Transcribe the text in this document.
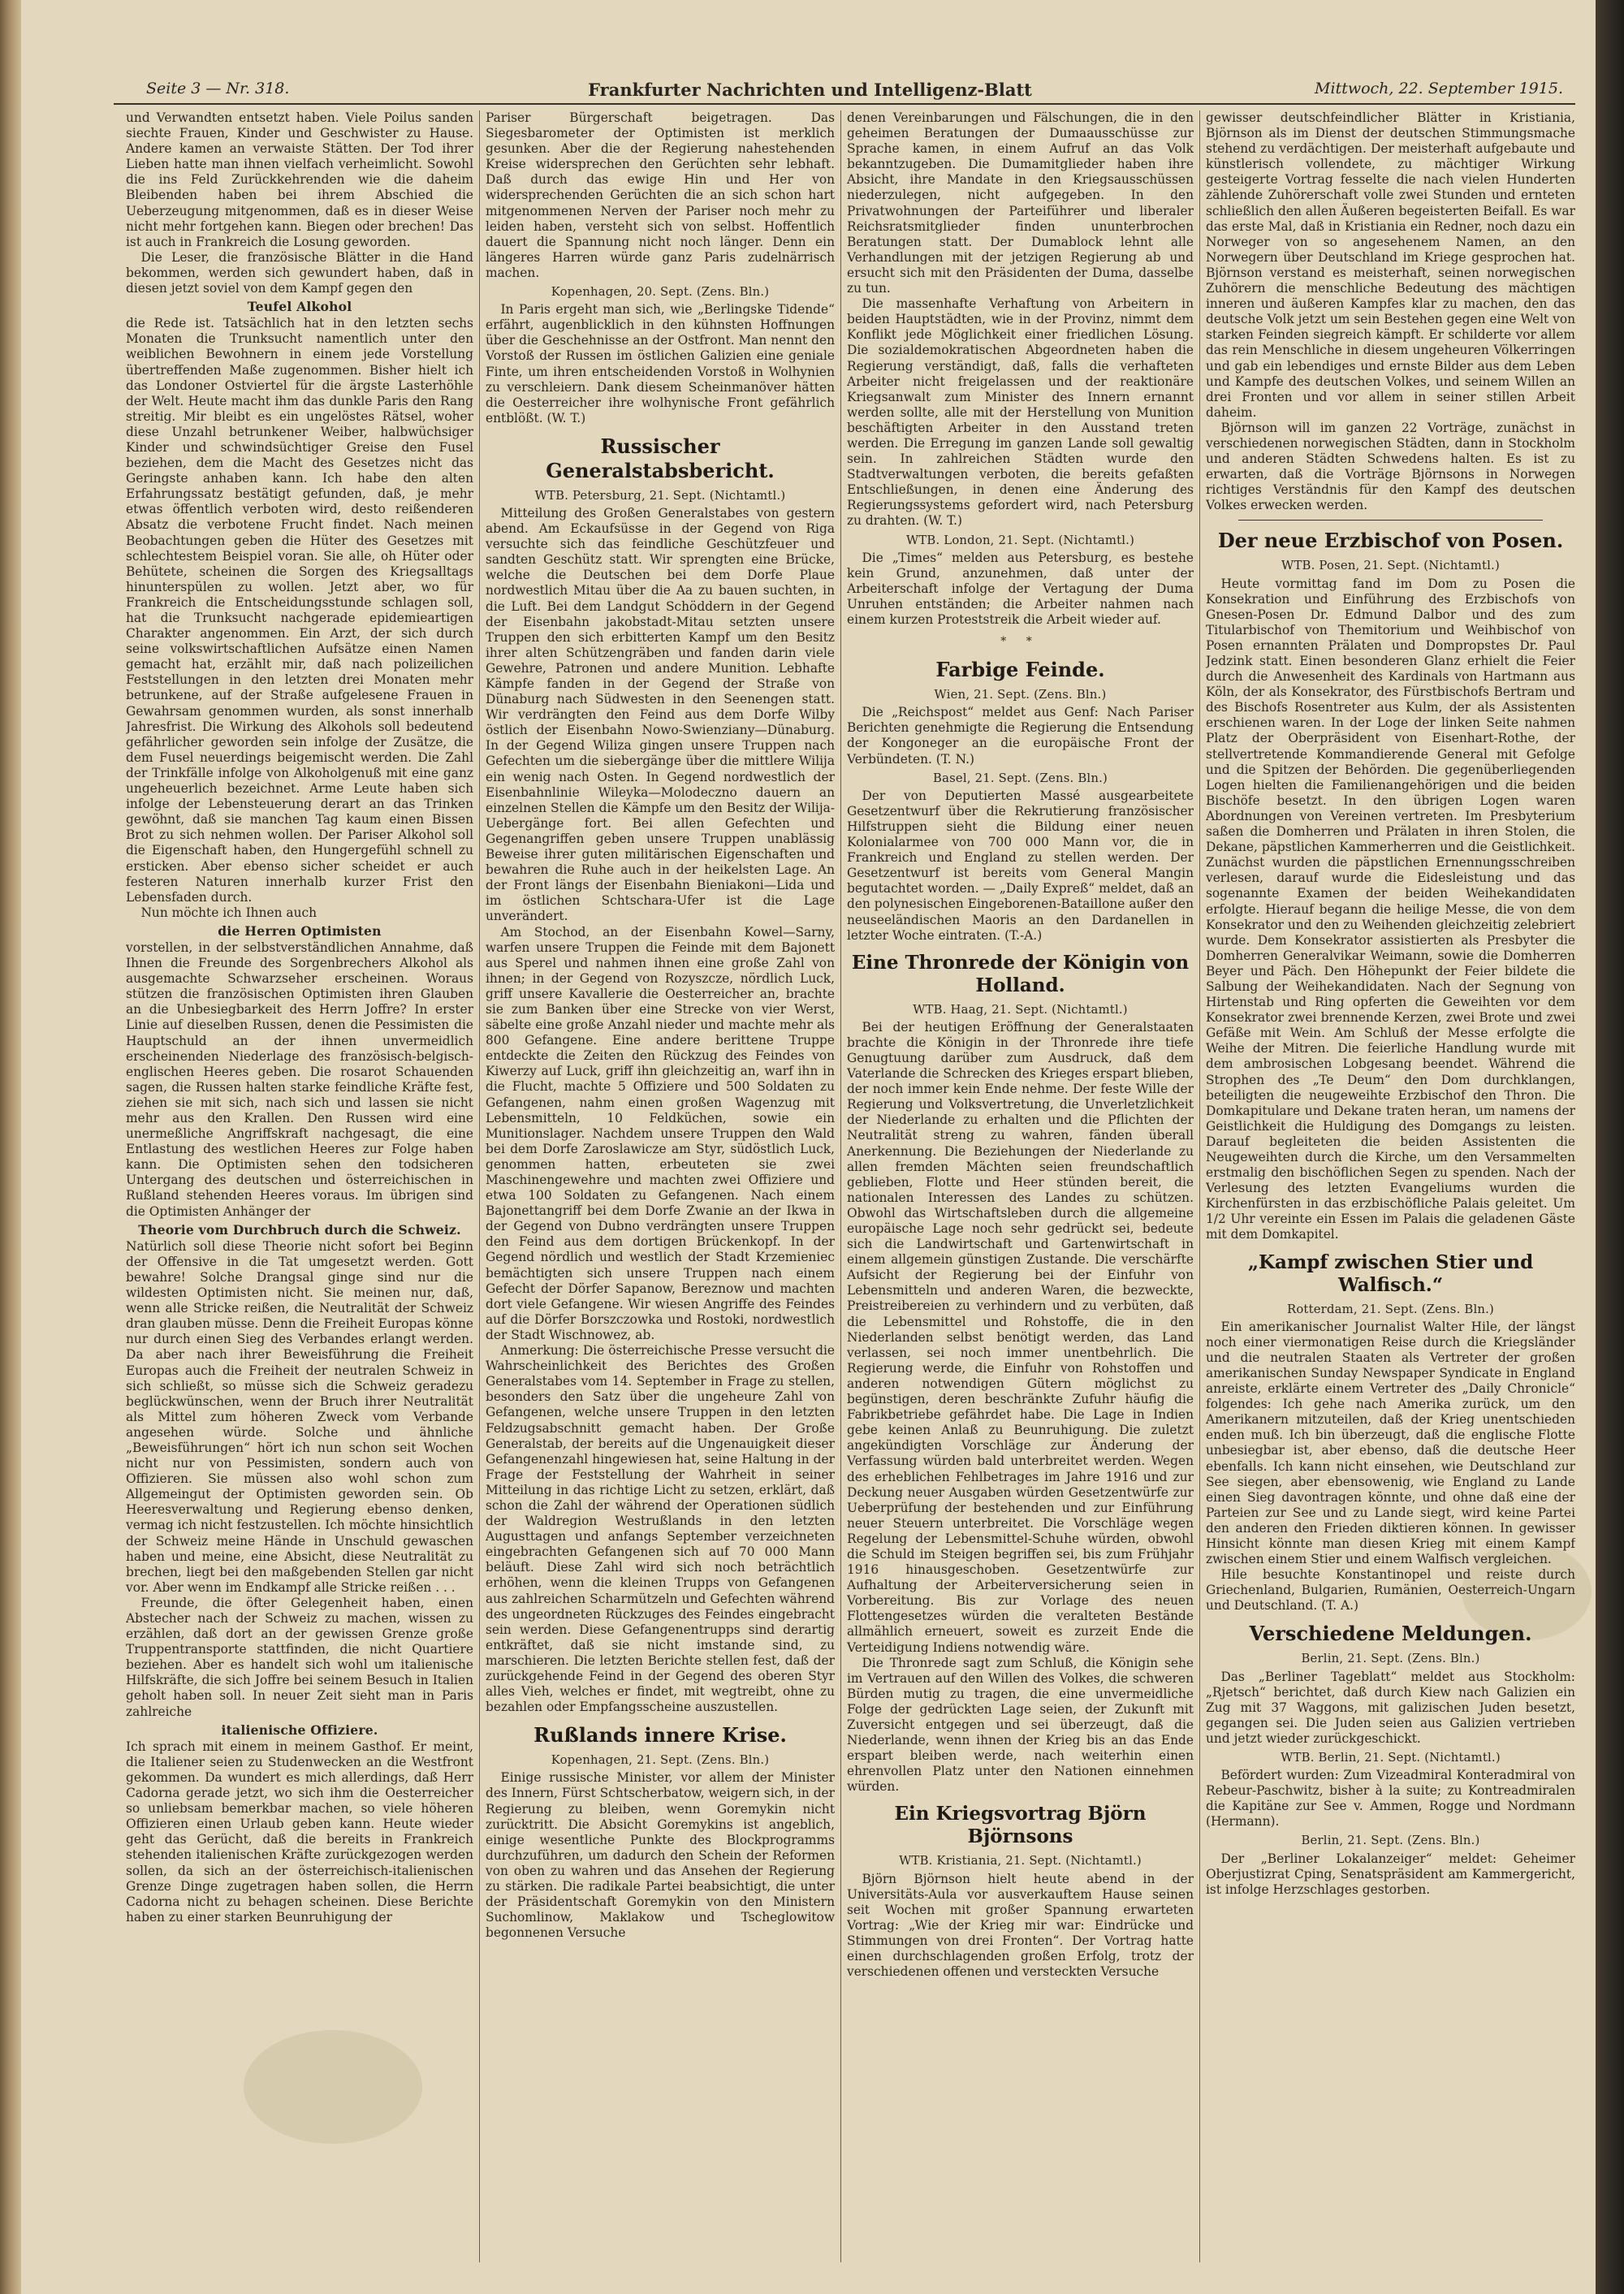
Seite 3 — Nr. 318.	Frankfurter Nachrichten und Intelligenz-Blatt	Mittwoch, 22. September 1915.

und Verwandten entsetzt haben. Viele Poilus sanden siechte Frauen, Kinder und Geschwister zu Hause. Andere kamen an verwaiste Stätten. Der Tod ihrer Lieben hatte man ihnen vielfach verheimlicht. Sowohl die ins Feld Zurückkehrenden wie die daheim Bleibenden haben bei ihrem Abschied die Ueberzeugung mitgenommen, daß es in dieser Weise nicht mehr fortgehen kann. Biegen oder brechen! Das ist auch in Frankreich die Losung geworden.

Die Leser, die französische Blätter in die Hand bekommen, werden sich gewundert haben, daß in diesen jetzt soviel von dem Kampf gegen den

Teufel Alkohol

die Rede ist. Tatsächlich hat in den letzten sechs Monaten die Trunksucht namentlich unter den weiblichen Bewohnern in einem jede Vorstellung übertreffenden Maße zugenommen. Bisher hielt ich das Londoner Ostviertel für die ärgste Lasterhöhle der Welt. Heute macht ihm das dunkle Paris den Rang streitig. Mir bleibt es ein ungelöstes Rätsel, woher diese Unzahl betrunkener Weiber, halbwüchsiger Kinder und schwindsüchtiger Greise den Fusel beziehen, dem die Macht des Gesetzes nicht das Geringste anhaben kann. Ich habe den alten Erfahrungssatz bestätigt gefunden, daß, je mehr etwas öffentlich verboten wird, desto reißenderen Absatz die verbotene Frucht findet. Nach meinen Beobachtungen geben die Hüter des Gesetzes mit schlechtestem Beispiel voran. Sie alle, oh Hüter oder Behütete, scheinen die Sorgen des Kriegsalltags hinunterspülen zu wollen. Jetzt aber, wo für Frankreich die Entscheidungsstunde schlagen soll, hat die Trunksucht nachgerade epidemieartigen Charakter angenommen. Ein Arzt, der sich durch seine volkswirtschaftlichen Aufsätze einen Namen gemacht hat, erzählt mir, daß nach polizeilichen Feststellungen in den letzten drei Monaten mehr betrunkene, auf der Straße aufgelesene Frauen in Gewahrsam genommen wurden, als sonst innerhalb Jahresfrist. Die Wirkung des Alkohols soll bedeutend gefährlicher geworden sein infolge der Zusätze, die dem Fusel neuerdings beigemischt werden. Die Zahl der Trinkfälle infolge von Alkoholgenuß mit eine ganz ungeheuerlich bezeichnet. Arme Leute haben sich infolge der Lebensteuerung derart an das Trinken gewöhnt, daß sie manchen Tag kaum einen Bissen Brot zu sich nehmen wollen. Der Pariser Alkohol soll die Eigenschaft haben, den Hungergefühl schnell zu ersticken. Aber ebenso sicher scheidet er auch festeren Naturen innerhalb kurzer Frist den Lebensfaden durch.

Nun möchte ich Ihnen auch

die Herren Optimisten

vorstellen, in der selbstverständlichen Annahme, daß Ihnen die Freunde des Sorgenbrechers Alkohol als ausgemachte Schwarzseher erscheinen. Woraus stützen die französischen Optimisten ihren Glauben an die Unbesiegbarkeit des Herrn Joffre? In erster Linie auf dieselben Russen, denen die Pessimisten die Hauptschuld an der ihnen unvermeidlich erscheinenden Niederlage des französisch-belgisch-englischen Heeres geben. Die rosarot Schauenden sagen, die Russen halten starke feindliche Kräfte fest, ziehen sie mit sich, nach sich und lassen sie nicht mehr aus den Krallen. Den Russen wird eine unermeßliche Angriffskraft nachgesagt, die eine Entlastung des westlichen Heeres zur Folge haben kann. Die Optimisten sehen den todsicheren Untergang des deutschen und österreichischen in Rußland stehenden Heeres voraus. Im übrigen sind die Optimisten Anhänger der

Theorie vom Durchbruch durch die Schweiz.

Natürlich soll diese Theorie nicht sofort bei Beginn der Offensive in die Tat umgesetzt werden. Gott bewahre! Solche Drangsal ginge sind nur die wildesten Optimisten nicht. Sie meinen nur, daß, wenn alle Stricke reißen, die Neutralität der Schweiz dran glauben müsse. Denn die Freiheit Europas könne nur durch einen Sieg des Verbandes erlangt werden. Da aber nach ihrer Beweisführung die Freiheit Europas auch die Freiheit der neutralen Schweiz in sich schließt, so müsse sich die Schweiz geradezu beglückwünschen, wenn der Bruch ihrer Neutralität als Mittel zum höheren Zweck vom Verbande angesehen würde. Solche und ähnliche „Beweisführungen“ hört ich nun schon seit Wochen nicht nur von Pessimisten, sondern auch von Offizieren. Sie müssen also wohl schon zum Allgemeingut der Optimisten geworden sein. Ob Heeresverwaltung und Regierung ebenso denken, vermag ich nicht festzustellen. Ich möchte hinsichtlich der Schweiz meine Hände in Unschuld gewaschen haben und meine, eine Absicht, diese Neutralität zu brechen, liegt bei den maßgebenden Stellen gar nicht vor. Aber wenn im Endkampf alle Stricke reißen . . .

Freunde, die öfter Gelegenheit haben, einen Abstecher nach der Schweiz zu machen, wissen zu erzählen, daß dort an der gewissen Grenze große Truppentransporte stattfinden, die nicht Quartiere beziehen. Aber es handelt sich wohl um italienische Hilfskräfte, die sich Joffre bei seinem Besuch in Italien geholt haben soll. In neuer Zeit sieht man in Paris zahlreiche

italienische Offiziere.

Ich sprach mit einem in meinem Gasthof. Er meint, die Italiener seien zu Studenwecken an die Westfront gekommen. Da wundert es mich allerdings, daß Herr Cadorna gerade jetzt, wo sich ihm die Oesterreicher so unliebsam bemerkbar machen, so viele höheren Offizieren einen Urlaub geben kann. Heute wieder geht das Gerücht, daß die bereits in Frankreich stehenden italienischen Kräfte zurückgezogen werden sollen, da sich an der österreichisch-italienischen Grenze Dinge zugetragen haben sollen, die Herrn Cadorna nicht zu behagen scheinen. Diese Berichte haben zu einer starken Beunruhigung der

Pariser Bürgerschaft beigetragen. Das Siegesbarometer der Optimisten ist merklich gesunken. Aber die der Regierung nahestehenden Kreise widersprechen den Gerüchten sehr lebhaft. Daß durch das ewige Hin und Her von widersprechenden Gerüchten die an sich schon hart mitgenommenen Nerven der Pariser noch mehr zu leiden haben, versteht sich von selbst. Hoffentlich dauert die Spannung nicht noch länger. Denn ein längeres Harren würde ganz Paris zudelnärrisch machen.

Kopenhagen, 20. Sept. (Zens. Bln.)

In Paris ergeht man sich, wie „Berlingske Tidende“ erfährt, augenblicklich in den kühnsten Hoffnungen über die Geschehnisse an der Ostfront. Man nennt den Vorstoß der Russen im östlichen Galizien eine geniale Finte, um ihren entscheidenden Vorstoß in Wolhynien zu verschleiern. Dank diesem Scheinmanöver hätten die Oesterreicher ihre wolhynische Front gefährlich entblößt. (W. T.)

Russischer Generalstabsbericht.
WTB. Petersburg, 21. Sept. (Nichtamtl.)

Mitteilung des Großen Generalstabes von gestern abend. Am Eckaufsüsse in der Gegend von Riga versuchte sich das feindliche Geschützfeuer und sandten Geschütz statt. Wir sprengten eine Brücke, welche die Deutschen bei dem Dorfe Plaue nordwestlich Mitau über die Aa zu bauen suchten, in die Luft. Bei dem Landgut Schöddern in der Gegend der Eisenbahn jakobstadt-Mitau setzten unsere Truppen den sich erbitterten Kampf um den Besitz ihrer alten Schützengräben und fanden darin viele Gewehre, Patronen und andere Munition. Lebhafte Kämpfe fanden in der Gegend der Straße von Dünaburg nach Südwesten in den Seenengen statt. Wir verdrängten den Feind aus dem Dorfe Wilby östlich der Eisenbahn Nowo-Swienziany—Dünaburg. In der Gegend Wiliza gingen unsere Truppen nach Gefechten um die siebergänge über die mittlere Wilija ein wenig nach Osten. In Gegend nordwestlich der Eisenbahnlinie Wileyka—Molodeczno dauern an einzelnen Stellen die Kämpfe um den Besitz der Wilija-Uebergänge fort. Bei allen Gefechten und Gegenangriffen geben unsere Truppen unablässig Beweise ihrer guten militärischen Eigenschaften und bewahren die Ruhe auch in der heikelsten Lage. An der Front längs der Eisenbahn Bieniakoni—Lida und im östlichen Schtschara-Ufer ist die Lage unverändert.

Am Stochod, an der Eisenbahn Kowel—Sarny, warfen unsere Truppen die Feinde mit dem Bajonett aus Sperel und nahmen ihnen eine große Zahl von ihnen; in der Gegend von Rozyszcze, nördlich Luck, griff unsere Kavallerie die Oesterreicher an, brachte sie zum Banken über eine Strecke von vier Werst, säbelte eine große Anzahl nieder und machte mehr als 800 Gefangene. Eine andere berittene Truppe entdeckte die Zeiten den Rückzug des Feindes von Kiwerzy auf Luck, griff ihn gleichzeitig an, warf ihn in die Flucht, machte 5 Offiziere und 500 Soldaten zu Gefangenen, nahm einen großen Wagenzug mit Lebensmitteln, 10 Feldküchen, sowie ein Munitionslager. Nachdem unsere Truppen den Wald bei dem Dorfe Zaroslawicze am Styr, südöstlich Luck, genommen hatten, erbeuteten sie zwei Maschinengewehre und machten zwei Offiziere und etwa 100 Soldaten zu Gefangenen. Nach einem Bajonettangriff bei dem Dorfe Zwanie an der Ikwa in der Gegend von Dubno verdrängten unsere Truppen den Feind aus dem dortigen Brückenkopf. In der Gegend nördlich und westlich der Stadt Krzemieniec bemächtigten sich unsere Truppen nach einem Gefecht der Dörfer Sapanow, Bereznow und machten dort viele Gefangene. Wir wiesen Angriffe des Feindes auf die Dörfer Borszczowka und Rostoki, nordwestlich der Stadt Wischnowez, ab.

Anmerkung: Die österreichische Presse versucht die Wahrscheinlichkeit des Berichtes des Großen Generalstabes vom 14. September in Frage zu stellen, besonders den Satz über die ungeheure Zahl von Gefangenen, welche unsere Truppen in den letzten Feldzugsabschnitt gemacht haben. Der Große Generalstab, der bereits auf die Ungenauigkeit dieser Gefangenenzahl hingewiesen hat, seine Haltung in der Frage der Feststellung der Wahrheit in seiner Mitteilung in das richtige Licht zu setzen, erklärt, daß schon die Zahl der während der Operationen südlich der Waldregion Westrußlands in den letzten Augusttagen und anfangs September verzeichneten eingebrachten Gefangenen sich auf 70 000 Mann beläuft. Diese Zahl wird sich noch beträchtlich erhöhen, wenn die kleinen Trupps von Gefangenen aus zahlreichen Scharmützeln und Gefechten während des ungeordneten Rückzuges des Feindes eingebracht sein werden. Diese Gefangenentrupps sind derartig entkräftet, daß sie nicht imstande sind, zu marschieren. Die letzten Berichte stellen fest, daß der zurückgehende Feind in der Gegend des oberen Styr alles Vieh, welches er findet, mit wegtreibt, ohne zu bezahlen oder Empfangsscheine auszustellen.

Rußlands innere Krise.
Kopenhagen, 21. Sept. (Zens. Bln.)

Einige russische Minister, vor allem der Minister des Innern, Fürst Schtscherbatow, weigern sich, in der Regierung zu bleiben, wenn Goremykin nicht zurücktritt. Die Absicht Goremykins ist angeblich, einige wesentliche Punkte des Blockprogramms durchzuführen, um dadurch den Schein der Reformen von oben zu wahren und das Ansehen der Regierung zu stärken. Die radikale Partei beabsichtigt, die unter der Präsidentschaft Goremykin von den Ministern Suchomlinow, Maklakow und Tscheglowitow begonnenen Versuche

denen Vereinbarungen und Fälschungen, die in den geheimen Beratungen der Dumaausschüsse zur Sprache kamen, in einem Aufruf an das Volk bekanntzugeben. Die Dumamitglieder haben ihre Absicht, ihre Mandate in den Kriegsausschüssen niederzulegen, nicht aufgegeben. In den Privatwohnungen der Parteiführer und liberaler Reichsratsmitglieder finden ununterbrochen Beratungen statt. Der Dumablock lehnt alle Verhandlungen mit der jetzigen Regierung ab und ersucht sich mit den Präsidenten der Duma, dasselbe zu tun.

Die massenhafte Verhaftung von Arbeitern in beiden Hauptstädten, wie in der Provinz, nimmt dem Konflikt jede Möglichkeit einer friedlichen Lösung. Die sozialdemokratischen Abgeordneten haben die Regierung verständigt, daß, falls die verhafteten Arbeiter nicht freigelassen und der reaktionäre Kriegsanwalt zum Minister des Innern ernannt werden sollte, alle mit der Herstellung von Munition beschäftigten Arbeiter in den Ausstand treten werden. Die Erregung im ganzen Lande soll gewaltig sein. In zahlreichen Städten wurde den Stadtverwaltungen verboten, die bereits gefaßten Entschließungen, in denen eine Änderung des Regierungssystems gefordert wird, nach Petersburg zu drahten. (W. T.)

WTB. London, 21. Sept. (Nichtamtl.)

Die „Times“ melden aus Petersburg, es bestehe kein Grund, anzunehmen, daß unter der Arbeiterschaft infolge der Vertagung der Duma Unruhen entständen; die Arbeiter nahmen nach einem kurzen Proteststreik die Arbeit wieder auf.

* *
Farbige Feinde.
Wien, 21. Sept. (Zens. Bln.)

Die „Reichspost“ meldet aus Genf: Nach Pariser Berichten genehmigte die Regierung die Entsendung der Kongoneger an die europäische Front der Verbündeten. (T. N.)

Basel, 21. Sept. (Zens. Bln.)

Der von Deputierten Massé ausgearbeitete Gesetzentwurf über die Rekrutierung französischer Hilfstruppen sieht die Bildung einer neuen Kolonialarmee von 700 000 Mann vor, die in Frankreich und England zu stellen werden. Der Gesetzentwurf ist bereits vom General Mangin begutachtet worden. — „Daily Expreß“ meldet, daß an den polynesischen Eingeborenen-Bataillone außer den neuseeländischen Maoris an den Dardanellen in letzter Woche eintraten. (T.-A.)

Eine Thronrede der Königin von Holland.
WTB. Haag, 21. Sept. (Nichtamtl.)

Bei der heutigen Eröffnung der Generalstaaten brachte die Königin in der Thronrede ihre tiefe Genugtuung darüber zum Ausdruck, daß dem Vaterlande die Schrecken des Krieges erspart blieben, der noch immer kein Ende nehme. Der feste Wille der Regierung und Volksvertretung, die Unverletzlichkeit der Niederlande zu erhalten und die Pflichten der Neutralität streng zu wahren, fänden überall Anerkennung. Die Beziehungen der Niederlande zu allen fremden Mächten seien freundschaftlich geblieben, Flotte und Heer stünden bereit, die nationalen Interessen des Landes zu schützen. Obwohl das Wirtschaftsleben durch die allgemeine europäische Lage noch sehr gedrückt sei, bedeute sich die Landwirtschaft und Gartenwirtschaft in einem allgemein günstigen Zustande. Die verschärfte Aufsicht der Regierung bei der Einfuhr von Lebensmitteln und anderen Waren, die bezweckte, Preistreibereien zu verhindern und zu verbüten, daß die Lebensmittel und Rohstoffe, die in den Niederlanden selbst benötigt werden, das Land verlassen, sei noch immer unentbehrlich. Die Regierung werde, die Einfuhr von Rohstoffen und anderen notwendigen Gütern möglichst zu begünstigen, deren beschränkte Zufuhr häufig die Fabrikbetriebe gefährdet habe. Die Lage in Indien gebe keinen Anlaß zu Beunruhigung. Die zuletzt angekündigten Vorschläge zur Änderung der Verfassung würden bald unterbreitet werden. Wegen des erheblichen Fehlbetrages im Jahre 1916 und zur Deckung neuer Ausgaben würden Gesetzentwürfe zur Ueberprüfung der bestehenden und zur Einführung neuer Steuern unterbreitet. Die Vorschläge wegen Regelung der Lebensmittel-Schuhe würden, obwohl die Schuld im Steigen begriffen sei, bis zum Frühjahr 1916 hinausgeschoben. Gesetzentwürfe zur Aufhaltung der Arbeiterversicherung seien in Vorbereitung. Bis zur Vorlage des neuen Flottengesetzes würden die veralteten Bestände allmählich erneuert, soweit es zurzeit Ende die Verteidigung Indiens notwendig wäre.

Die Thronrede sagt zum Schluß, die Königin sehe im Vertrauen auf den Willen des Volkes, die schweren Bürden mutig zu tragen, die eine unvermeidliche Folge der gedrückten Lage seien, der Zukunft mit Zuversicht entgegen und sei überzeugt, daß die Niederlande, wenn ihnen der Krieg bis an das Ende erspart bleiben werde, nach weiterhin einen ehrenvollen Platz unter den Nationen einnehmen würden.

Ein Kriegsvortrag Björn Björnsons
WTB. Kristiania, 21. Sept. (Nichtamtl.)

Björn Björnson hielt heute abend in der Universitäts-Aula vor ausverkauftem Hause seinen seit Wochen mit großer Spannung erwarteten Vortrag: „Wie der Krieg mir war: Eindrücke und Stimmungen von drei Fronten“. Der Vortrag hatte einen durchschlagenden großen Erfolg, trotz der verschiedenen offenen und versteckten Versuche

gewisser deutschfeindlicher Blätter in Kristiania, Björnson als im Dienst der deutschen Stimmungsmache stehend zu verdächtigen. Der meisterhaft aufgebaute und künstlerisch vollendete, zu mächtiger Wirkung gesteigerte Vortrag fesselte die nach vielen Hunderten zählende Zuhörerschaft volle zwei Stunden und ernteten schließlich den allen Äußeren begeisterten Beifall. Es war das erste Mal, daß in Kristiania ein Redner, noch dazu ein Norweger von so angesehenem Namen, an den Norwegern über Deutschland im Kriege gesprochen hat. Björnson verstand es meisterhaft, seinen norwegischen Zuhörern die menschliche Bedeutung des mächtigen inneren und äußeren Kampfes klar zu machen, den das deutsche Volk jetzt um sein Bestehen gegen eine Welt von starken Feinden siegreich kämpft. Er schilderte vor allem das rein Menschliche in diesem ungeheuren Völkerringen und gab ein lebendiges und ernste Bilder aus dem Leben und Kampfe des deutschen Volkes, und seinem Willen an drei Fronten und vor allem in seiner stillen Arbeit daheim.

Björnson will im ganzen 22 Vorträge, zunächst in verschiedenen norwegischen Städten, dann in Stockholm und anderen Städten Schwedens halten. Es ist zu erwarten, daß die Vorträge Björnsons in Norwegen richtiges Verständnis für den Kampf des deutschen Volkes erwecken werden.

Der neue Erzbischof von Posen.
WTB. Posen, 21. Sept. (Nichtamtl.)

Heute vormittag fand im Dom zu Posen die Konsekration und Einführung des Erzbischofs von Gnesen-Posen Dr. Edmund Dalbor und des zum Titularbischof von Themitorium und Weihbischof von Posen ernannten Prälaten und Dompropstes Dr. Paul Jedzink statt. Einen besonderen Glanz erhielt die Feier durch die Anwesenheit des Kardinals von Hartmann aus Köln, der als Konsekrator, des Fürstbischofs Bertram und des Bischofs Rosentreter aus Kulm, der als Assistenten erschienen waren. In der Loge der linken Seite nahmen Platz der Oberpräsident von Eisenhart-Rothe, der stellvertretende Kommandierende General mit Gefolge und die Spitzen der Behörden. Die gegenüberliegenden Logen hielten die Familienangehörigen und die beiden Bischöfe besetzt. In den übrigen Logen waren Abordnungen von Vereinen vertreten. Im Presbyterium saßen die Domherren und Prälaten in ihren Stolen, die Dekane, päpstlichen Kammerherren und die Geistlichkeit. Zunächst wurden die päpstlichen Ernennungsschreiben verlesen, darauf wurde die Eidesleistung und das sogenannte Examen der beiden Weihekandidaten erfolgte. Hierauf begann die heilige Messe, die von dem Konsekrator und den zu Weihenden gleichzeitig zelebriert wurde. Dem Konsekrator assistierten als Presbyter die Domherren Generalvikar Weimann, sowie die Domherren Beyer und Päch. Den Höhepunkt der Feier bildete die Salbung der Weihekandidaten. Nach der Segnung von Hirtenstab und Ring opferten die Geweihten vor dem Konsekrator zwei brennende Kerzen, zwei Brote und zwei Gefäße mit Wein. Am Schluß der Messe erfolgte die Weihe der Mitren. Die feierliche Handlung wurde mit dem ambrosischen Lobgesang beendet. Während die Strophen des „Te Deum“ den Dom durchklangen, beteiligten die neugeweihte Erzbischof den Thron. Die Domkapitulare und Dekane traten heran, um namens der Geistlichkeit die Huldigung des Domgangs zu leisten. Darauf begleiteten die beiden Assistenten die Neugeweihten durch die Kirche, um den Versammelten erstmalig den bischöflichen Segen zu spenden. Nach der Verlesung des letzten Evangeliums wurden die Kirchenfürsten in das erzbischöfliche Palais geleitet. Um 1/2 Uhr vereinte ein Essen im Palais die geladenen Gäste mit dem Domkapitel.

„Kampf zwischen Stier und Walfisch.“
Rotterdam, 21. Sept. (Zens. Bln.)

Ein amerikanischer Journalist Walter Hile, der längst noch einer viermonatigen Reise durch die Kriegsländer und die neutralen Staaten als Vertreter der großen amerikanischen Sunday Newspaper Syndicate in England anreiste, erklärte einem Vertreter des „Daily Chronicle“ folgendes: Ich gehe nach Amerika zurück, um den Amerikanern mitzuteilen, daß der Krieg unentschieden enden muß. Ich bin überzeugt, daß die englische Flotte unbesiegbar ist, aber ebenso, daß die deutsche Heer ebenfalls. Ich kann nicht einsehen, wie Deutschland zur See siegen, aber ebensowenig, wie England zu Lande einen Sieg davontragen könnte, und ohne daß eine der Parteien zur See und zu Lande siegt, wird keine Partei den anderen den Frieden diktieren können. In gewisser Hinsicht könnte man diesen Krieg mit einem Kampf zwischen einem Stier und einem Walfisch vergleichen.

Hile besuchte Konstantinopel und reiste durch Griechenland, Bulgarien, Rumänien, Oesterreich-Ungarn und Deutschland. (T. A.)

Verschiedene Meldungen.
Berlin, 21. Sept. (Zens. Bln.)

Das „Berliner Tageblatt“ meldet aus Stockholm: „Rjetsch“ berichtet, daß durch Kiew nach Galizien ein Zug mit 37 Waggons, mit galizischen Juden besetzt, gegangen sei. Die Juden seien aus Galizien vertrieben und jetzt wieder zurückgeschickt.

WTB. Berlin, 21. Sept. (Nichtamtl.)

Befördert wurden: Zum Vizeadmiral Konteradmiral von Rebeur-Paschwitz, bisher à la suite; zu Kontreadmiralen die Kapitäne zur See v. Ammen, Rogge und Nordmann (Hermann).

Berlin, 21. Sept. (Zens. Bln.)

Der „Berliner Lokalanzeiger“ meldet: Geheimer Oberjustizrat Cping, Senatspräsident am Kammergericht, ist infolge Herzschlages gestorben.
